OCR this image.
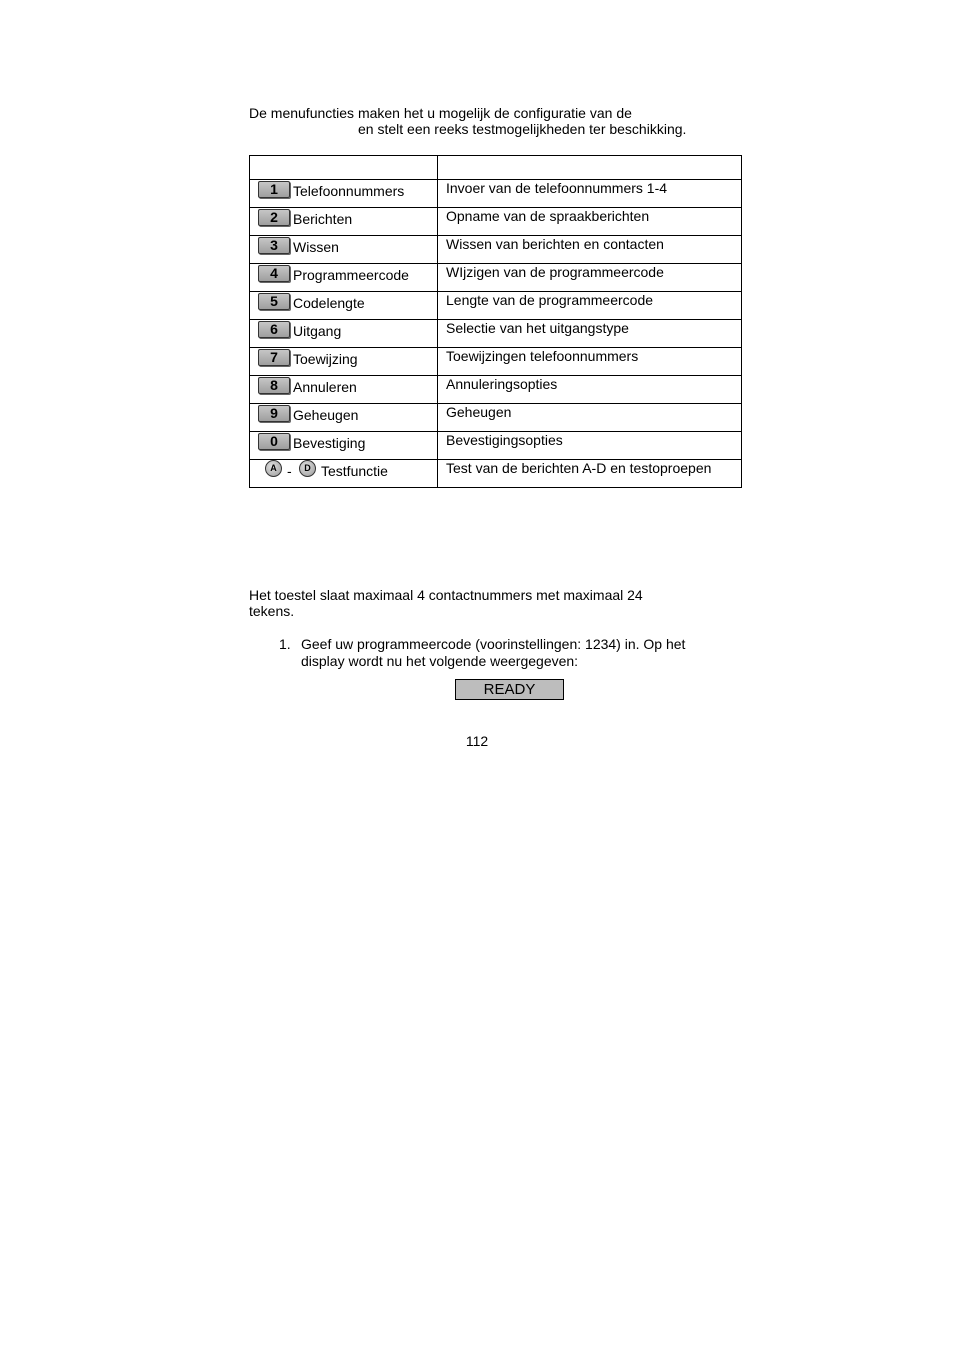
De menufuncties maken het u mogelijk de configuratie van de
en stelt een reeks testmogelijkheden ter beschikking.

1 Telefoonnummers	Invoer van de telefoonnummers 1-4

2 Berichten	Opname van de spraakberichten

3 Wissen	Wissen van berichten en contacten

4 Programmeercode	WIjzigen van de programmeercode

5 Codelengte	Lengte van de programmeercode

6 Uitgang	Selectie van het uitgangstype

7 Toewijzing	Toewijzingen telefoonnummers

8 Annuleren	Annuleringsopties

9 Geheugen	Geheugen

0 Bevestiging	Bevestigingsopties

A - D Testfunctie	Test van de berichten A-D en testoproepen
Het toestel slaat maximaal 4 contactnummers met maximaal 24 tekens.
1. Geef uw programmeercode (voorinstellingen: 1234) in. Op het display wordt nu het volgende weergegeven:
READY
112
